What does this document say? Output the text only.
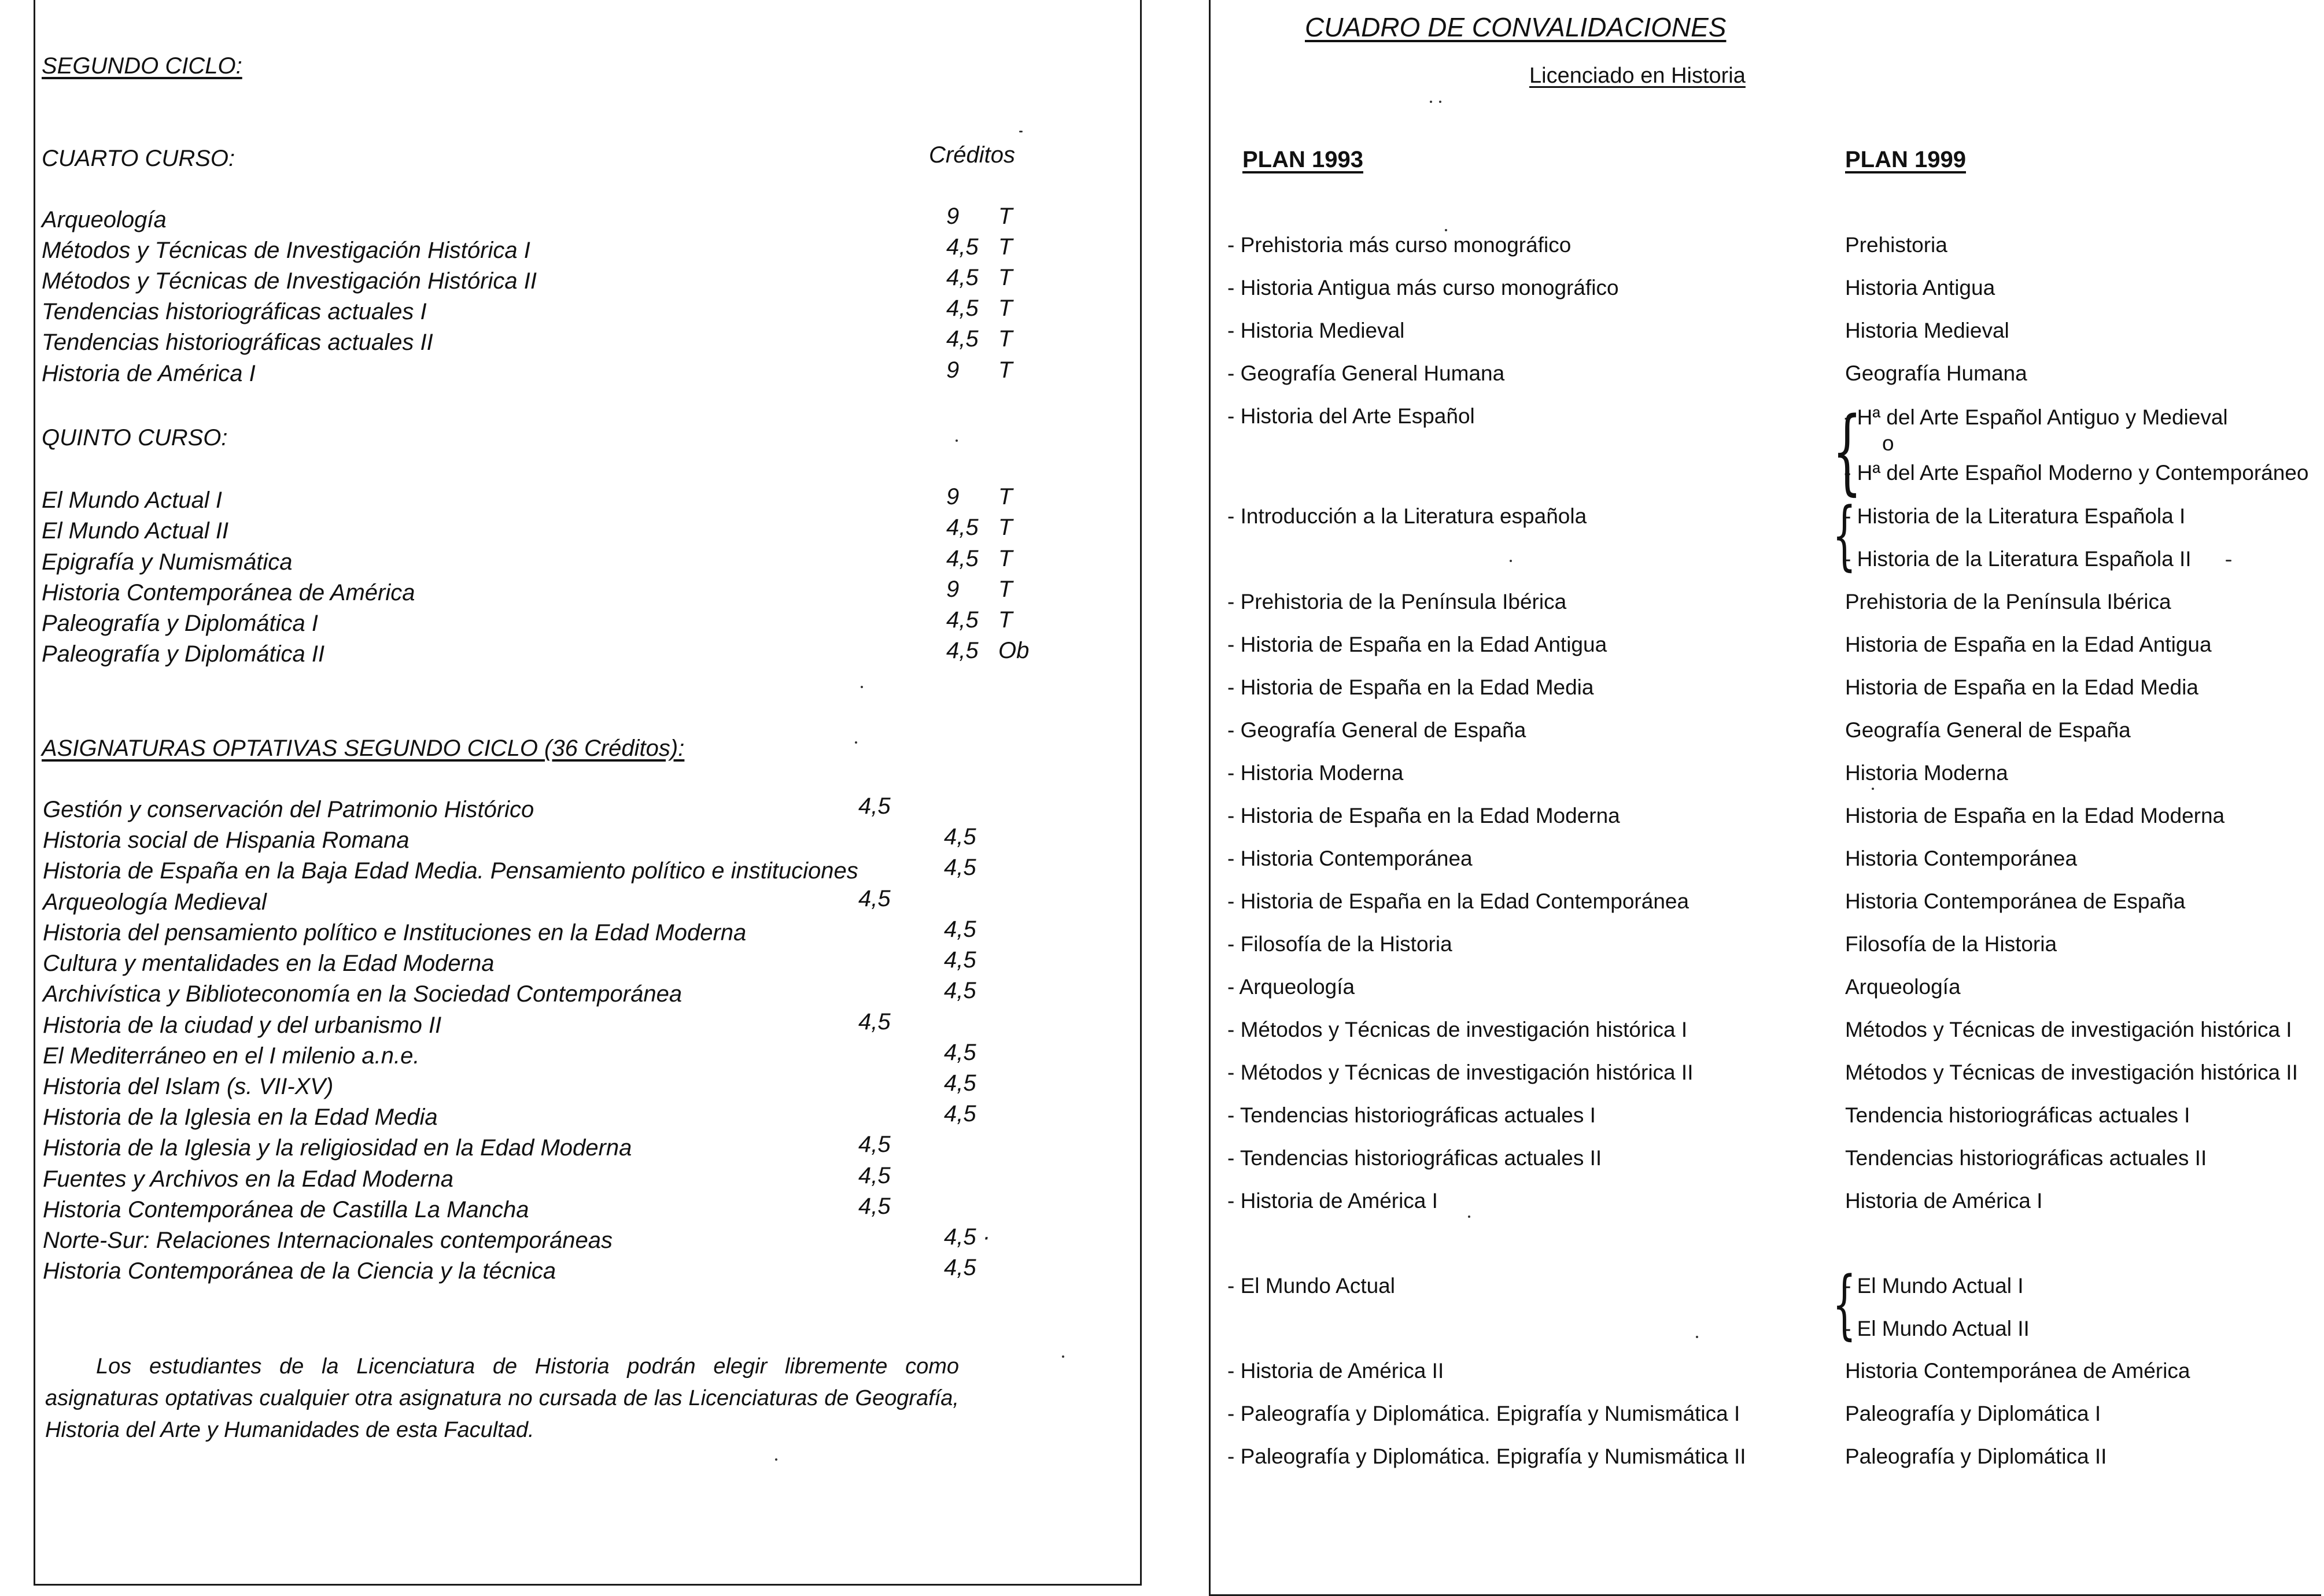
SEGUNDO CICLO:
CUARTO CURSO:	Créditos
Arqueología	9 T
Métodos y Técnicas de Investigación Histórica I	4,5 T
Métodos y Técnicas de Investigación Histórica II	4,5 T
Tendencias historiográficas actuales I	4,5 T
Tendencias historiográficas actuales II	4,5 T
Historia de América I	9 T
QUINTO CURSO:
El Mundo Actual I	9 T
El Mundo Actual II	4,5 T
Epigrafía y Numismática	4,5 T
Historia Contemporánea de América	9 T
Paleografía y Diplomática I	4,5 T
Paleografía y Diplomática II	4,5 Ob
ASIGNATURAS OPTATIVAS SEGUNDO CICLO (36 Créditos):
Gestión y conservación del Patrimonio Histórico	4,5
Historia social de Hispania Romana	4,5
Historia de España en la Baja Edad Media. Pensamiento político e instituciones	4,5
Arqueología Medieval	4,5
Historia del pensamiento político e Instituciones en la Edad Moderna	4,5
Cultura y mentalidades en la Edad Moderna	4,5
Archivística y Biblioteconomía en la Sociedad Contemporánea	4,5
Historia de la ciudad y del urbanismo II	4,5
El Mediterráneo en el I milenio a.n.e.	4,5
Historia del Islam (s. VII-XV)	4,5
Historia de la Iglesia en la Edad Media	4,5
Historia de la Iglesia y la religiosidad en la Edad Moderna	4,5
Fuentes y Archivos en la Edad Moderna	4,5
Historia Contemporánea de Castilla La Mancha	4,5
Norte-Sur: Relaciones Internacionales contemporáneas	4,5 ·
Historia Contemporánea de la Ciencia y la técnica	4,5
Los estudiantes de la Licenciatura de Historia podrán elegir libremente como asignaturas optativas cualquier otra asignatura no cursada de las Licenciaturas de Geografía, Historia del Arte y Humanidades de esta Facultad.
CUADRO DE CONVALIDACIONES
Licenciado en Historia
PLAN 1993	PLAN 1999
- Prehistoria más curso monográfico	Prehistoria
- Historia Antigua más curso monográfico	Historia Antigua
- Historia Medieval	Historia Medieval
- Geografía General Humana	Geografía Humana
- Historia del Arte Español	- Hª del Arte Español Antiguo y Medieval
o
- Hª del Arte Español Moderno y Contemporáneo
- Introducción a la Literatura española	- Historia de la Literatura Española I
- Historia de la Literatura Española II
- Prehistoria de la Península Ibérica	Prehistoria de la Península Ibérica
- Historia de España en la Edad Antigua	Historia de España en la Edad Antigua
- Historia de España en la Edad Media	Historia de España en la Edad Media
- Geografía General de España	Geografía General de España
- Historia Moderna	Historia Moderna
- Historia de España en la Edad Moderna	Historia de España en la Edad Moderna
- Historia Contemporánea	Historia Contemporánea
- Historia de España en la Edad Contemporánea	Historia Contemporánea de España
- Filosofía de la Historia	Filosofía de la Historia
- Arqueología	Arqueología
- Métodos y Técnicas de investigación histórica I	Métodos y Técnicas de investigación histórica I
- Métodos y Técnicas de investigación histórica II	Métodos y Técnicas de investigación histórica II
- Tendencias historiográficas actuales I	Tendencia historiográficas actuales I
- Tendencias historiográficas actuales II	Tendencias historiográficas actuales II
- Historia de América I	Historia de América I
- El Mundo Actual	- El Mundo Actual I
- El Mundo Actual II
- Historia de América II	Historia Contemporánea de América
- Paleografía y Diplomática. Epigrafía y Numismática I	Paleografía y Diplomática I
- Paleografía y Diplomática. Epigrafía y Numismática II	Paleografía y Diplomática II
{
{
{
